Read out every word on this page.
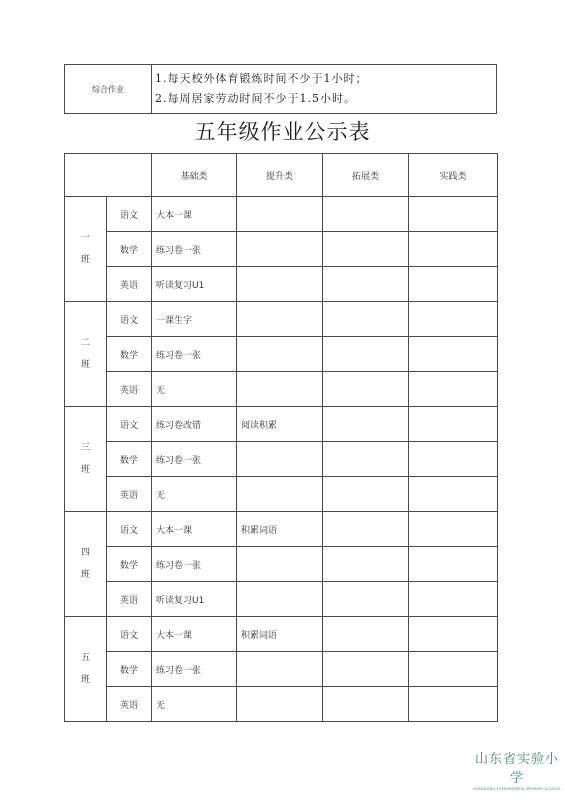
综合作业	
1.每天校外体育锻炼时间不少于1小时；
2.每周居家劳动时间不少于1.5小时。
五年级作业公示表
		基础类	提升类	拓展类	实践类

一
班	语文	大本一课			
	数学	练习卷一张			
	英语	听读复习U1			

二
班	语文	一课生字			
	数学	练习卷一张			
	英语	无			

三
班	语文	练习卷改错	阅读积累		
	数学	练习卷一张			
	英语	无			

四
班	语文	大本一课	积累词语		
	数学	练习卷一张			
	英语	听读复习U1			

五
班	语文	大本一课	积累词语		
	数学	练习卷一张			
	英语	无			
山东省实验小学
SHANDONG EXPERIMENTAL PRIMARY SCHOOL
